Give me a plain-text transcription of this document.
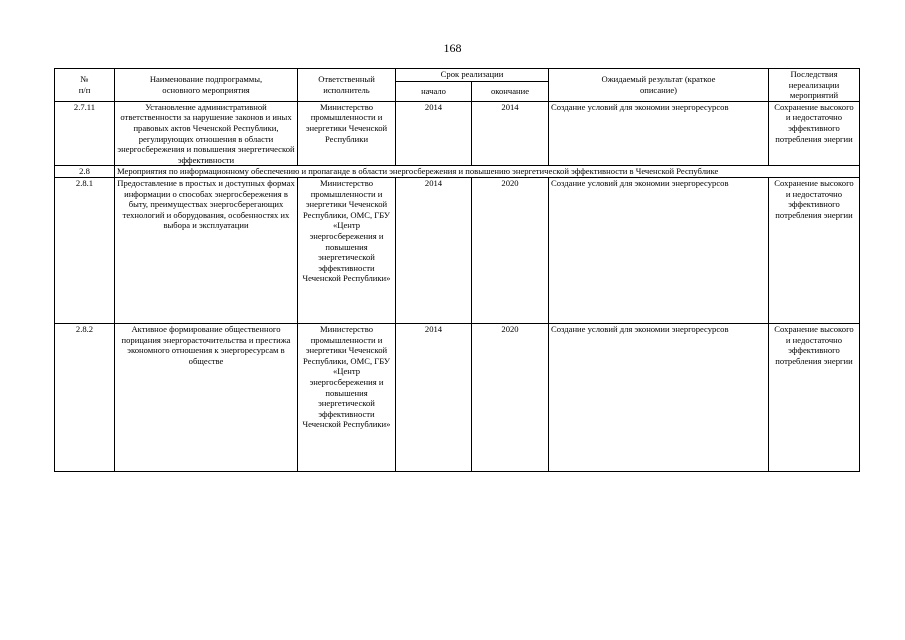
168
№
п/п	Наименование подпрограммы, основного мероприятия	Ответственный исполнитель	Срок реализации		Ожидаемый результат (краткое описание)	Последствия нереализации мероприятий
			начало	окончание		
2.7.11	Установление административной ответственности за нарушение законов и иных правовых актов Чеченской Республики, регулирующих отношения в области энергосбережения и повышения энергетической эффективности	Министерство промышленности и энергетики Чеченской Республики	2014	2014	Создание условий для экономии энергоресурсов	Сохранение высокого и недостаточно эффективного потребления энергии
2.8	Мероприятия по информационному обеспечению и пропаганде в области энергосбережения и повышению энергетической эффективности в Чеченской Республике					
2.8.1	Предоставление в простых и доступных формах информации о способах энергосбережения в быту, преимуществах энергосберегающих технологий и оборудования, особенностях их выбора и эксплуатации	Министерство промышленности и энергетики Чеченской Республики, ОМС, ГБУ «Центр энергосбережения и повышения энергетической эффективности Чеченской Республики»	2014	2020	Создание условий для экономии энергоресурсов	Сохранение высокого и недостаточно эффективного потребления энергии
2.8.2	Активное формирование общественного порицания энергорасточительства и престижа экономного отношения к энергоресурсам в обществе	Министерство промышленности и энергетики Чеченской Республики, ОМС, ГБУ «Центр энергосбережения и повышения энергетической эффективности Чеченской Республики»	2014	2020	Создание условий для экономии энергоресурсов	Сохранение высокого и недостаточно эффективного потребления энергии
